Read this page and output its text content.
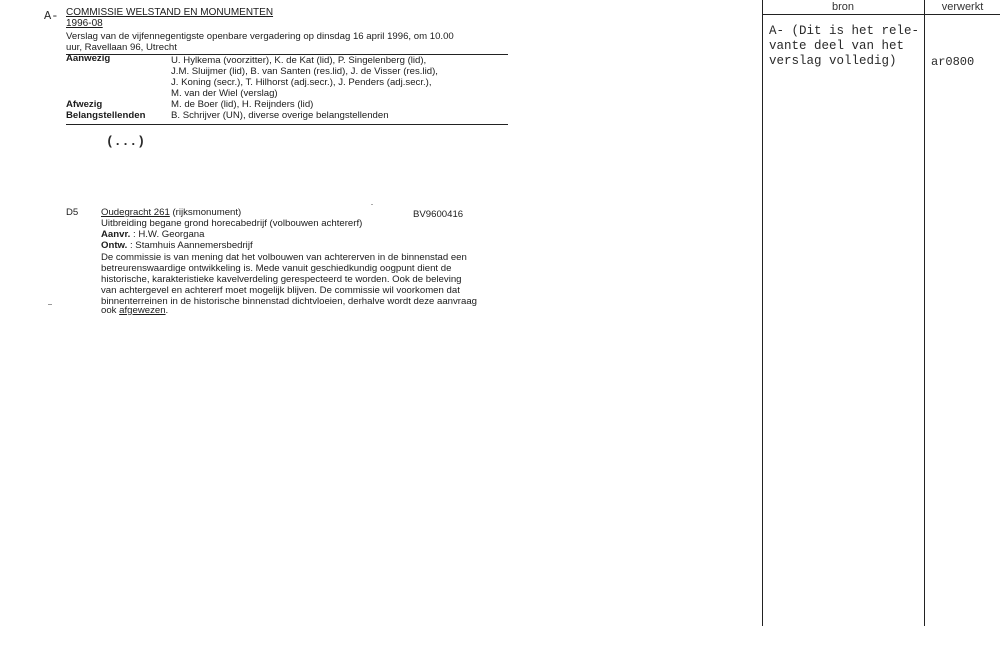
A- COMMISSIE WELSTAND EN MONUMENTEN
1996-08
Verslag van de vijfennegentigste openbare vergadering op dinsdag 16 april 1996, om 10.00
uur, Ravellaan 96, Utrecht
Aanwezig	U. Hylkema (voorzitter), K. de Kat (lid), P. Singelenberg (lid),
J.M. Sluijmer (lid), B. van Santen (res.lid), J. de Visser (res.lid),
J. Koning (secr.), T. Hilhorst (adj.secr.), J. Penders (adj.secr.),
M. van der Wiel (verslag)
Afwezig	M. de Boer (lid), H. Reijnders (lid)
Belangstellenden	B. Schrijver (UN), diverse overige belangstellenden
(...)
D5 Oudegracht 261 (rijksmonument)	BV9600416
Uitbreiding begane grond horecabedrijf (volbouwen achtererf)
Aanvr. : H.W. Georgana
Ontw. : Stamhuis Aannemersbedrijf
De commissie is van mening dat het volbouwen van achtererven in de binnenstad een
betreurenswaardige ontwikkeling is. Mede vanuit geschiedkundig oogpunt dient de
historische, karakteristieke kavelverdeling gerespecteerd te worden. Ook de beleving
van achtergevel en achtererf moet mogelijk blijven. De commissie wil voorkomen dat
binnenterreinen in de historische binnenstad dichtvloeien, derhalve wordt deze aanvraag
ook afgewezen.
bron	verwerkt
A- (Dit is het rele-
vante deel van het
verslag volledig)	ar0800
